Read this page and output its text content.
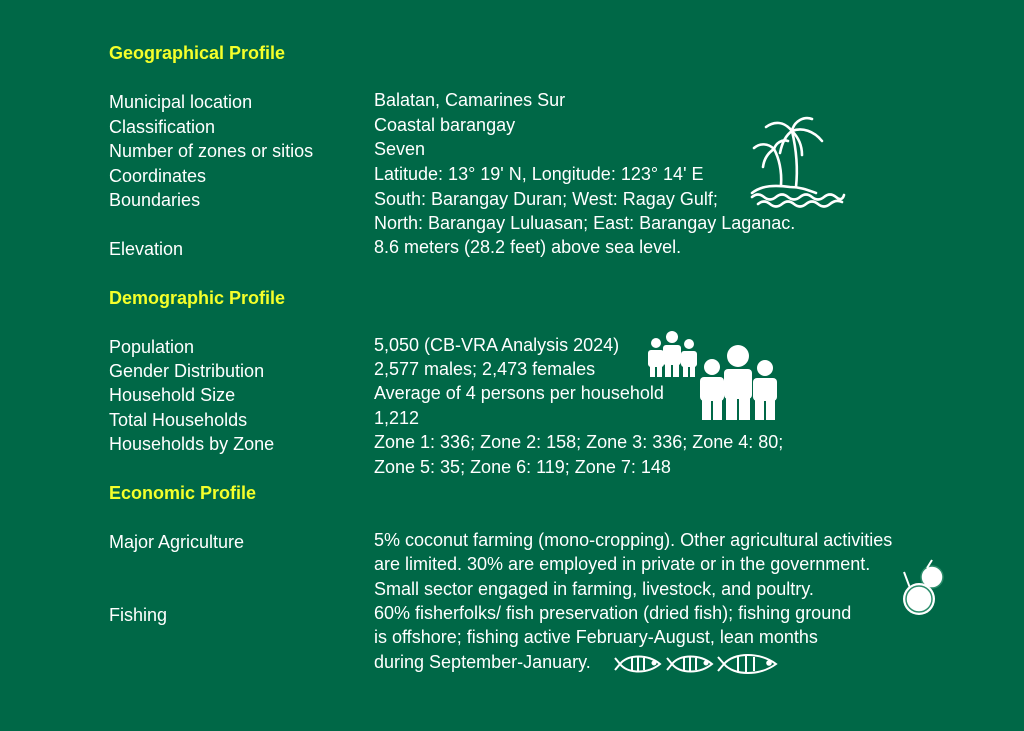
Geographical Profile
Municipal location	Balatan, Camarines Sur
Classification	Coastal barangay
Number of zones or sitios	Seven
Coordinates	Latitude: 13° 19' N, Longitude: 123° 14' E
Boundaries	South: Barangay Duran; West: Ragay Gulf;
North: Barangay Luluasan; East: Barangay Laganac.
Elevation	8.6 meters (28.2 feet) above sea level.
Demographic Profile
Population	5,050 (CB-VRA Analysis 2024)
Gender Distribution	2,577 males; 2,473 females
Household Size	Average of 4 persons per household
Total Households	1,212
Households by Zone	Zone 1: 336; Zone 2: 158; Zone 3: 336; Zone 4: 80;
Zone 5: 35; Zone 6: 119; Zone 7: 148
Economic Profile
Major Agriculture	5% coconut farming (mono-cropping). Other agricultural activities
are limited. 30% are employed in private or in the government.
Small sector engaged in farming, livestock, and poultry.
Fishing	60% fisherfolks/ fish preservation (dried fish); fishing ground
is offshore; fishing active February-August, lean months
during September-January.
